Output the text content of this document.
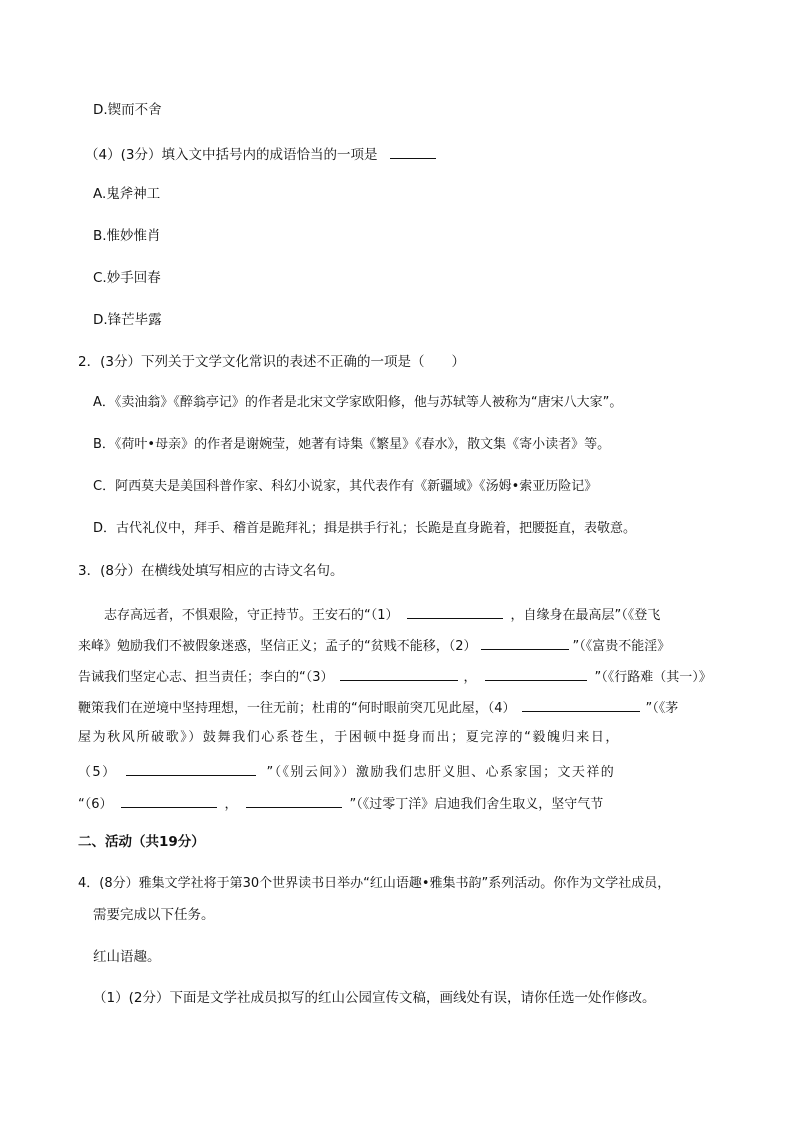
D.锲而不舍
（4）(3分）填入文中括号内的成语恰当的一项是
A.鬼斧神工
B.惟妙惟肖
C.妙手回春
D.锋芒毕露
2．(3分）下列关于文学文化常识的表述不正确的一项是（　　）
A．《卖油翁》《醉翁亭记》的作者是北宋文学家欧阳修，他与苏轼等人被称为“唐宋八大家”。
B．《荷叶•母亲》的作者是谢婉莹，她著有诗集《繁星》《春水》，散文集《寄小读者》等。
C．阿西莫夫是美国科普作家、科幻小说家，其代表作有《新疆域》《汤姆•索亚历险记》
D．古代礼仪中，拜手、稽首是跪拜礼；揖是拱手行礼；长跪是直身跪着，把腰挺直，表敬意。
3．(8分）在横线处填写相应的古诗文名句。
　　志存高远者，不惧艰险，守正持节。王安石的“（1）	，自缘身在最高层”（《登飞
来峰》勉励我们不被假象迷惑，坚信正义；孟子的“贫贱不能移，（2）	”（《富贵不能淫》
告诫我们坚定心志、担当责任；李白的“（3）	，	”（《行路难（其一）》
鞭策我们在逆境中坚持理想，一往无前；杜甫的“何时眼前突兀见此屋，（4）	”（《茅
屋为秋风所破歌》）鼓舞我们心系苍生，于困顿中挺身而出；夏完淳的“毅魄归来日，
（5）	”（《别云间》）激励我们忠肝义胆、心系家国；文天祥的
“（6）	，	”（《过零丁洋》启迪我们舍生取义，坚守气节
二、活动（共19分）
4．(8分）雅集文学社将于第30个世界读书日举办“红山语趣•雅集书韵”系列活动。你作为文学社成员，
需要完成以下任务。
红山语趣。
（1）(2分）下面是文学社成员拟写的红山公园宣传文稿，画线处有误，请你任选一处作修改。
